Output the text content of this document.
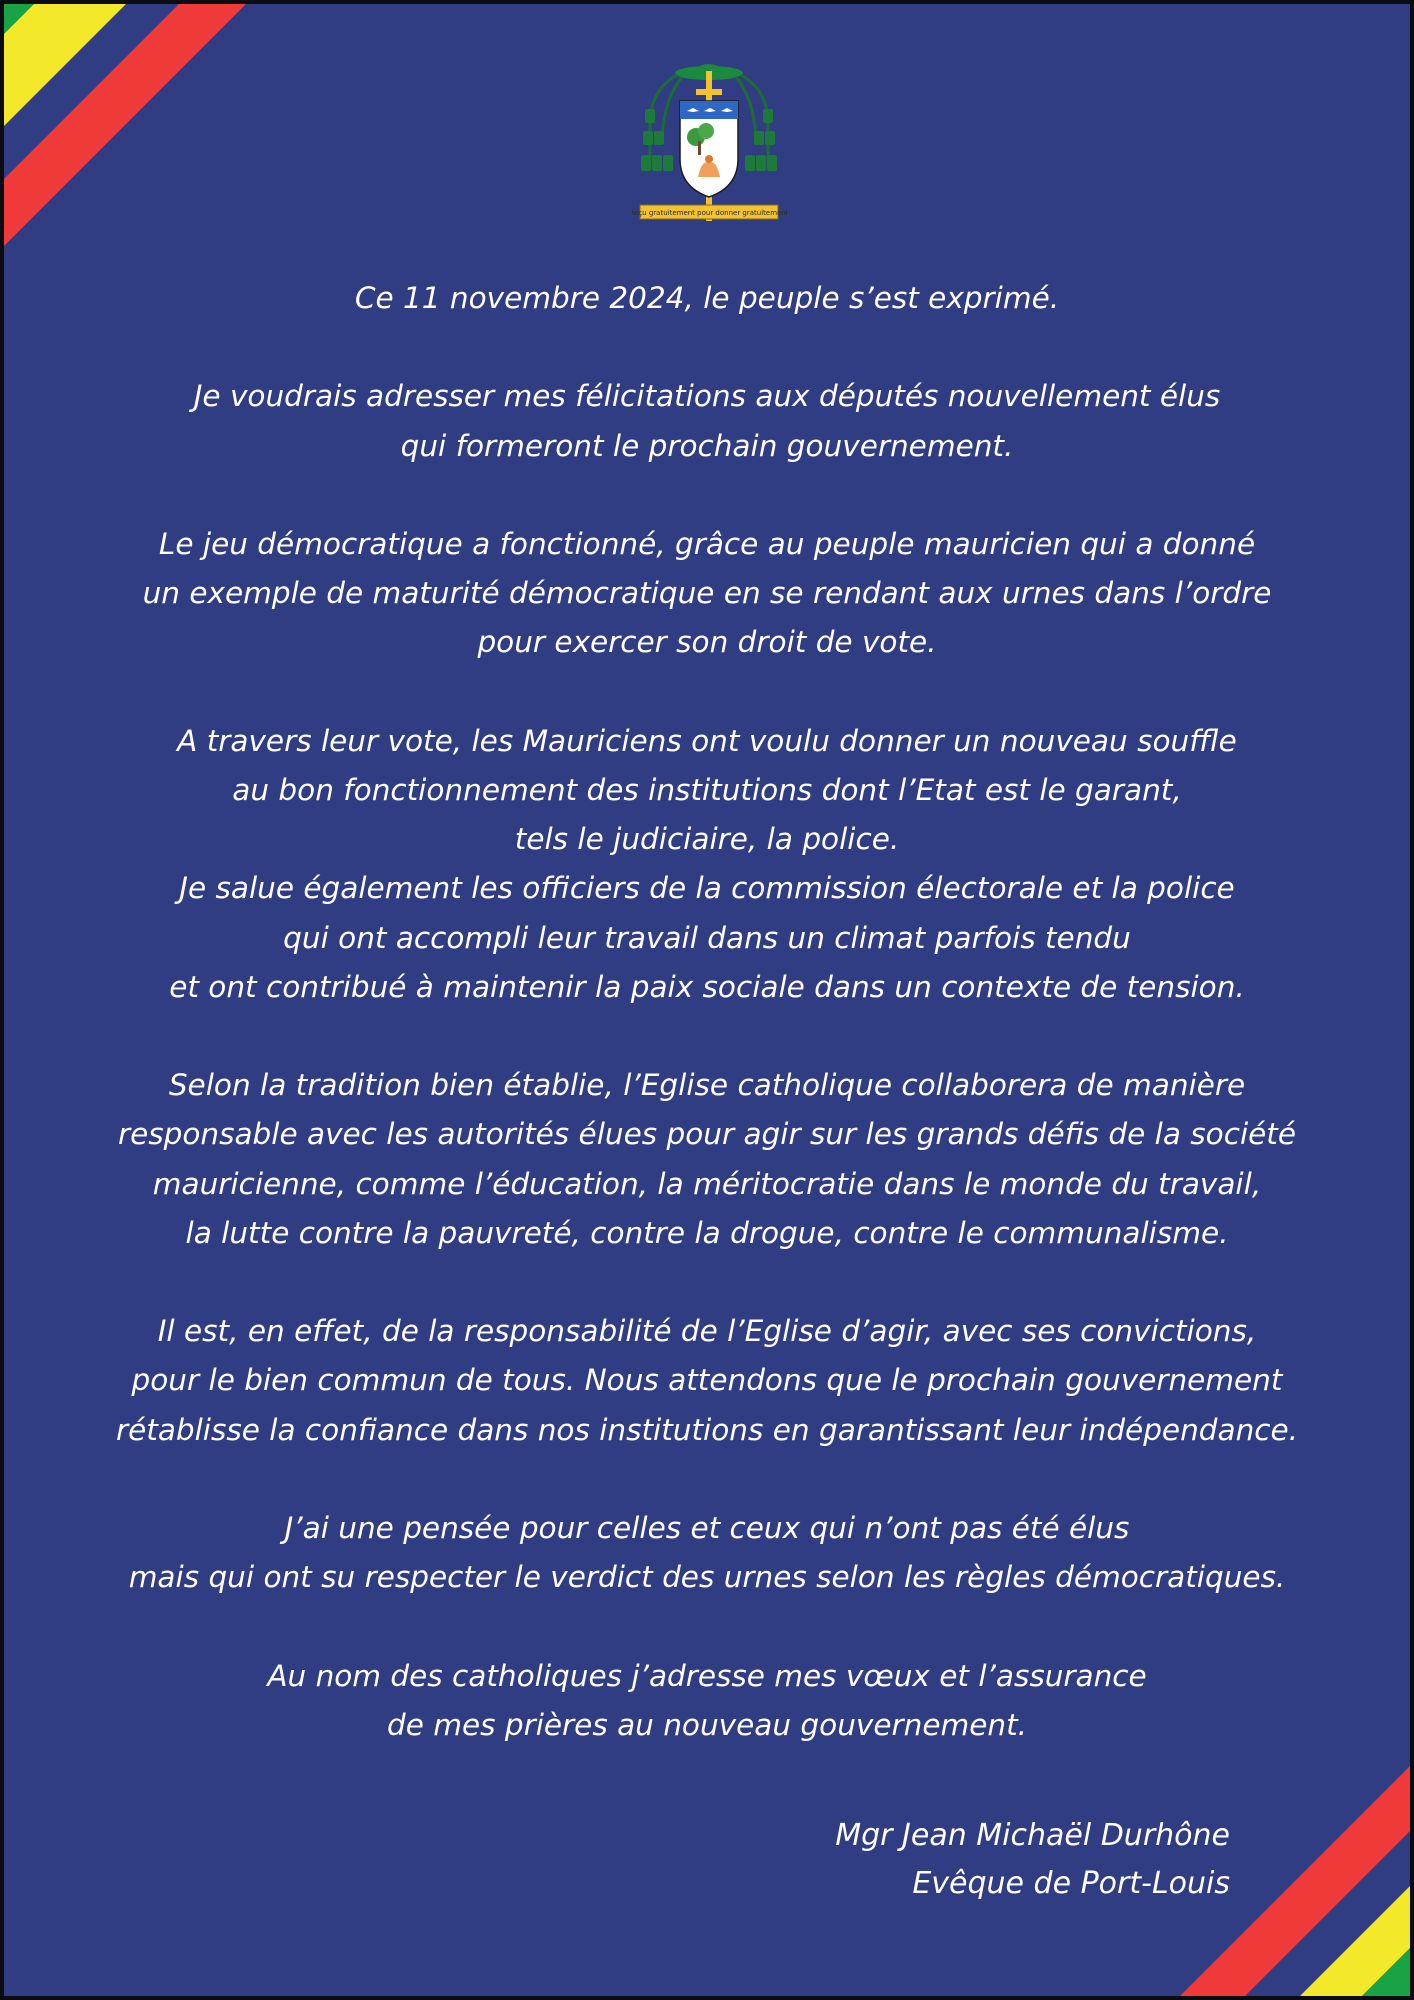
Reçu gratuitement pour donner gratuitement
Ce 11 novembre 2024, le peuple s’est exprimé.
Je voudrais adresser mes félicitations aux députés nouvellement élus
qui formeront le prochain gouvernement.
Le jeu démocratique a fonctionné, grâce au peuple mauricien qui a donné
un exemple de maturité démocratique en se rendant aux urnes dans l’ordre
pour exercer son droit de vote.
A travers leur vote, les Mauriciens ont voulu donner un nouveau souffle
au bon fonctionnement des institutions dont l’Etat est le garant,
tels le judiciaire, la police.
Je salue également les officiers de la commission électorale et la police
qui ont accompli leur travail dans un climat parfois tendu
et ont contribué à maintenir la paix sociale dans un contexte de tension.
Selon la tradition bien établie, l’Eglise catholique collaborera de manière
responsable avec les autorités élues pour agir sur les grands défis de la société
mauricienne, comme l’éducation, la méritocratie dans le monde du travail,
la lutte contre la pauvreté, contre la drogue, contre le communalisme.
Il est, en effet, de la responsabilité de l’Eglise d’agir, avec ses convictions,
pour le bien commun de tous. Nous attendons que le prochain gouvernement
rétablisse la confiance dans nos institutions en garantissant leur indépendance.
J’ai une pensée pour celles et ceux qui n’ont pas été élus
mais qui ont su respecter le verdict des urnes selon les règles démocratiques.
Au nom des catholiques j’adresse mes vœux et l’assurance
de mes prières au nouveau gouvernement.
Mgr Jean Michaël Durhône
Evêque de Port-Louis
